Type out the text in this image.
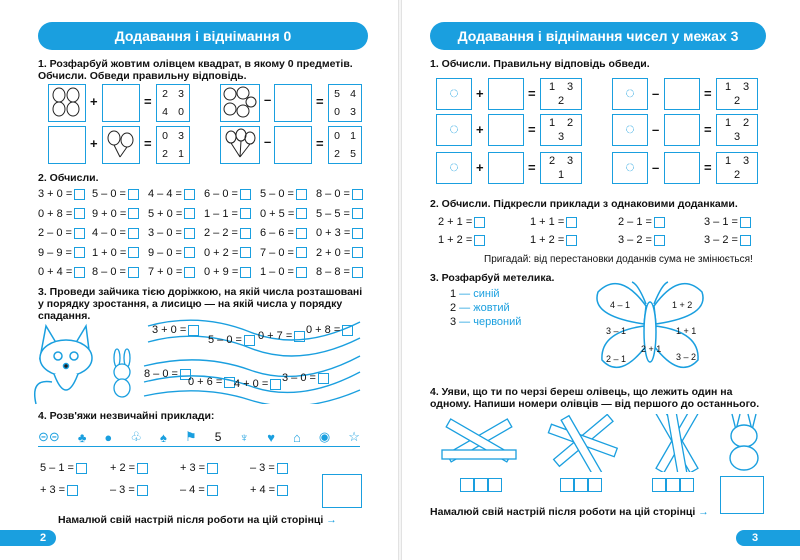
Додавання і віднімання 0
1. Розфарбуй жовтим олівцем квадрат, в якому 0 предметів. Обчисли. Обведи правильну відповідь.
+	=
2 3
4 0
–	=
5 4
0 3
+	=
0 3
2 1
–	=
0 1
2 5
2. Обчисли.
3 + 0 = 5 – 0 = 4 – 4 = 6 – 0 = 5 – 0 = 8 – 0 =
0 + 8 = 9 + 0 = 5 + 0 = 1 – 1 = 0 + 5 = 5 – 5 =
2 – 0 = 4 – 0 = 3 – 0 = 2 – 2 = 6 – 6 = 0 + 3 =
9 – 9 = 1 + 0 = 9 – 0 = 0 + 2 = 7 – 0 = 2 + 0 =
0 + 4 = 8 – 0 = 7 + 0 = 0 + 9 = 1 – 0 = 8 – 8 =
3. Проведи зайчика тією доріжкою, на якій числа розташовані у порядку зростання, а лисицю — на якій числа у порядку спадання.
3 + 0 =
5 – 0 = 0 + 7 = 0 + 8 =
8 – 0 =
0 + 6 = 4 + 0 = 3 – 0 =
4. Розв'яжи незвичайні приклади:
⊝⊝ ♣ ● ♧ ♠ ⚑ 5 ♆ ♥ ⌂ ◉ ☆
5 – 1 =	+ 2 =	+ 3 =	– 3 =
+ 3 =	– 3 =	– 4 =	+ 4 =
Намалюй свій настрій після роботи на цій сторінці →
2
Додавання і віднімання чисел у межах 3
1. Обчисли. Правильну відповідь обведи.
◌	+	= 1 3
2
◌	+	= 1 2
3
◌	+	= 2 3
1
◌	–	= 1 3
2
◌	–	= 1 2
3
◌	–	= 1 3
2
2. Обчисли. Підкресли приклади з однаковими доданками.
2 + 1 =	1 + 1 =	2 – 1 =	3 – 1 =
1 + 2 =	1 + 2 =	3 – 2 =	3 – 2 =
Пригадай: від перестановки доданків сума не змінюється!
3. Розфарбуй метелика.
1 — синій
2 — жовтий
3 — червоний
4 – 1	1 + 2
3 – 1	1 + 1
2 + 1
2 – 1	3 – 2
4. Уяви, що ти по черзі береш олівець, що лежить один на одному. Напиши номери олівців — від першого до останнього.
Намалюй свій настрій після роботи на цій сторінці →
3
